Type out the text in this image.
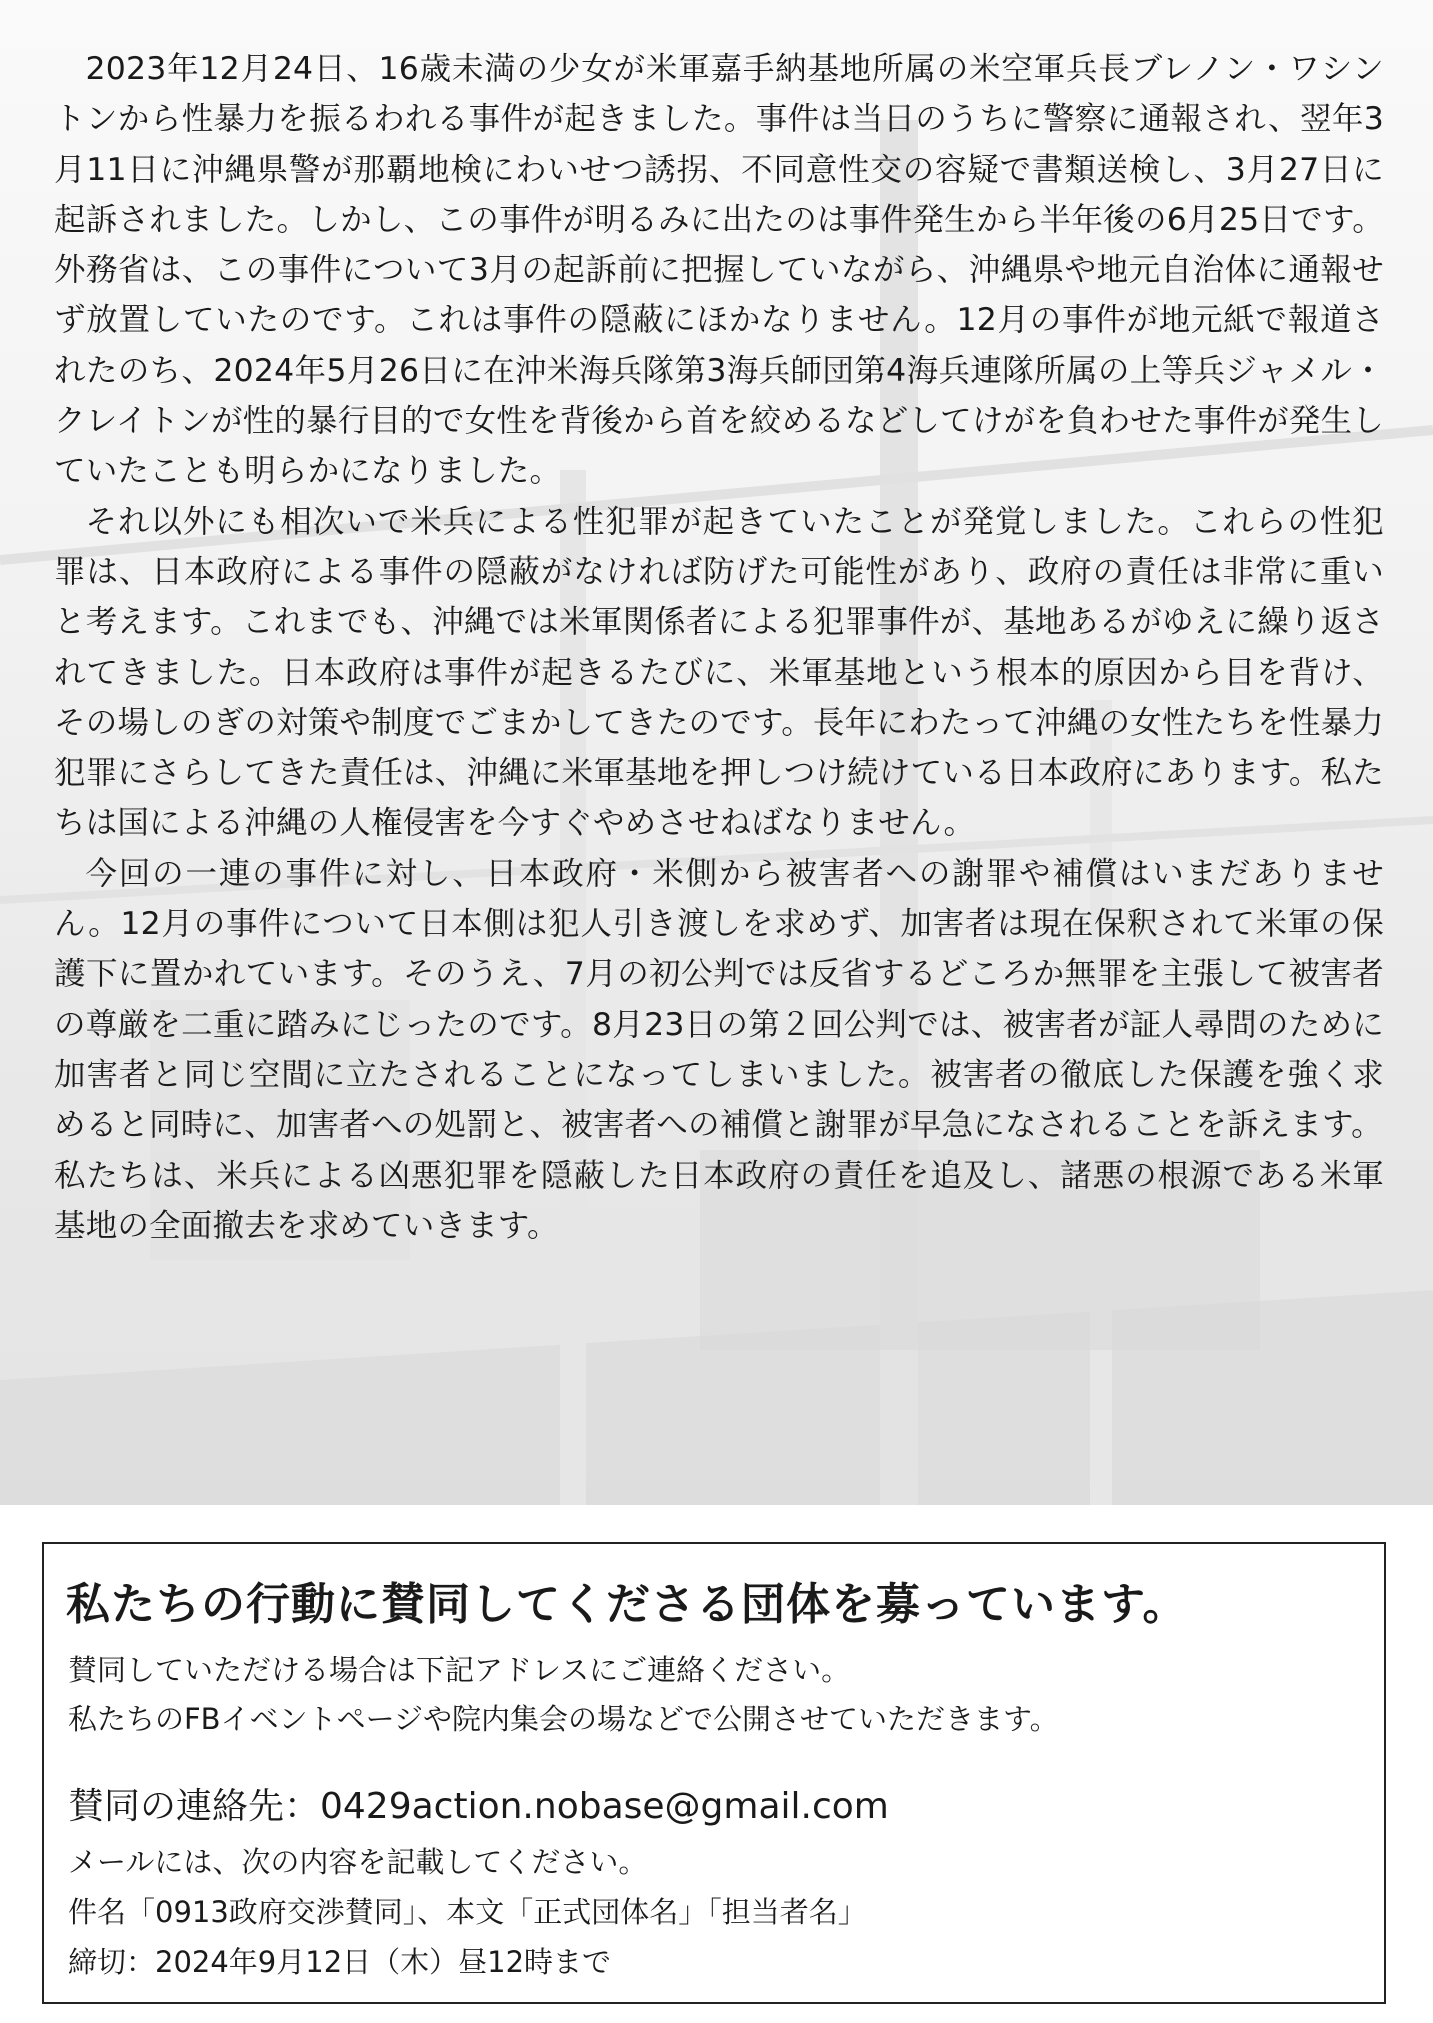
2023年12月24日、16歳未満の少女が米軍嘉手納基地所属の米空軍兵長ブレノン・ワシントンから性暴力を振るわれる事件が起きました。事件は当日のうちに警察に通報され、翌年3月11日に沖縄県警が那覇地検にわいせつ誘拐、不同意性交の容疑で書類送検し、3月27日に起訴されました。しかし、この事件が明るみに出たのは事件発生から半年後の6月25日です。外務省は、この事件について3月の起訴前に把握していながら、沖縄県や地元自治体に通報せず放置していたのです。これは事件の隠蔽にほかなりません。12月の事件が地元紙で報道されたのち、2024年5月26日に在沖米海兵隊第3海兵師団第4海兵連隊所属の上等兵ジャメル・クレイトンが性的暴行目的で女性を背後から首を絞めるなどしてけがを負わせた事件が発生していたことも明らかになりました。

それ以外にも相次いで米兵による性犯罪が起きていたことが発覚しました。これらの性犯罪は、日本政府による事件の隠蔽がなければ防げた可能性があり、政府の責任は非常に重いと考えます。これまでも、沖縄では米軍関係者による犯罪事件が、基地あるがゆえに繰り返されてきました。日本政府は事件が起きるたびに、米軍基地という根本的原因から目を背け、その場しのぎの対策や制度でごまかしてきたのです。長年にわたって沖縄の女性たちを性暴力犯罪にさらしてきた責任は、沖縄に米軍基地を押しつけ続けている日本政府にあります。私たちは国による沖縄の人権侵害を今すぐやめさせねばなりません。

今回の一連の事件に対し、日本政府・米側から被害者への謝罪や補償はいまだありません。12月の事件について日本側は犯人引き渡しを求めず、加害者は現在保釈されて米軍の保護下に置かれています。そのうえ、7月の初公判では反省するどころか無罪を主張して被害者の尊厳を二重に踏みにじったのです。8月23日の第２回公判では、被害者が証人尋問のために加害者と同じ空間に立たされることになってしまいました。被害者の徹底した保護を強く求めると同時に、加害者への処罰と、被害者への補償と謝罪が早急になされることを訴えます。

私たちは、米兵による凶悪犯罪を隠蔽した日本政府の責任を追及し、諸悪の根源である米軍基地の全面撤去を求めていきます。

私たちの行動に賛同してくださる団体を募っています。
賛同していただける場合は下記アドレスにご連絡ください。
私たちのFBイベントページや院内集会の場などで公開させていただきます。
賛同の連絡先：0429action.nobase@gmail.com
メールには、次の内容を記載してください。
件名「0913政府交渉賛同」、本文「正式団体名」「担当者名」
締切：2024年9月12日（木）昼12時まで
